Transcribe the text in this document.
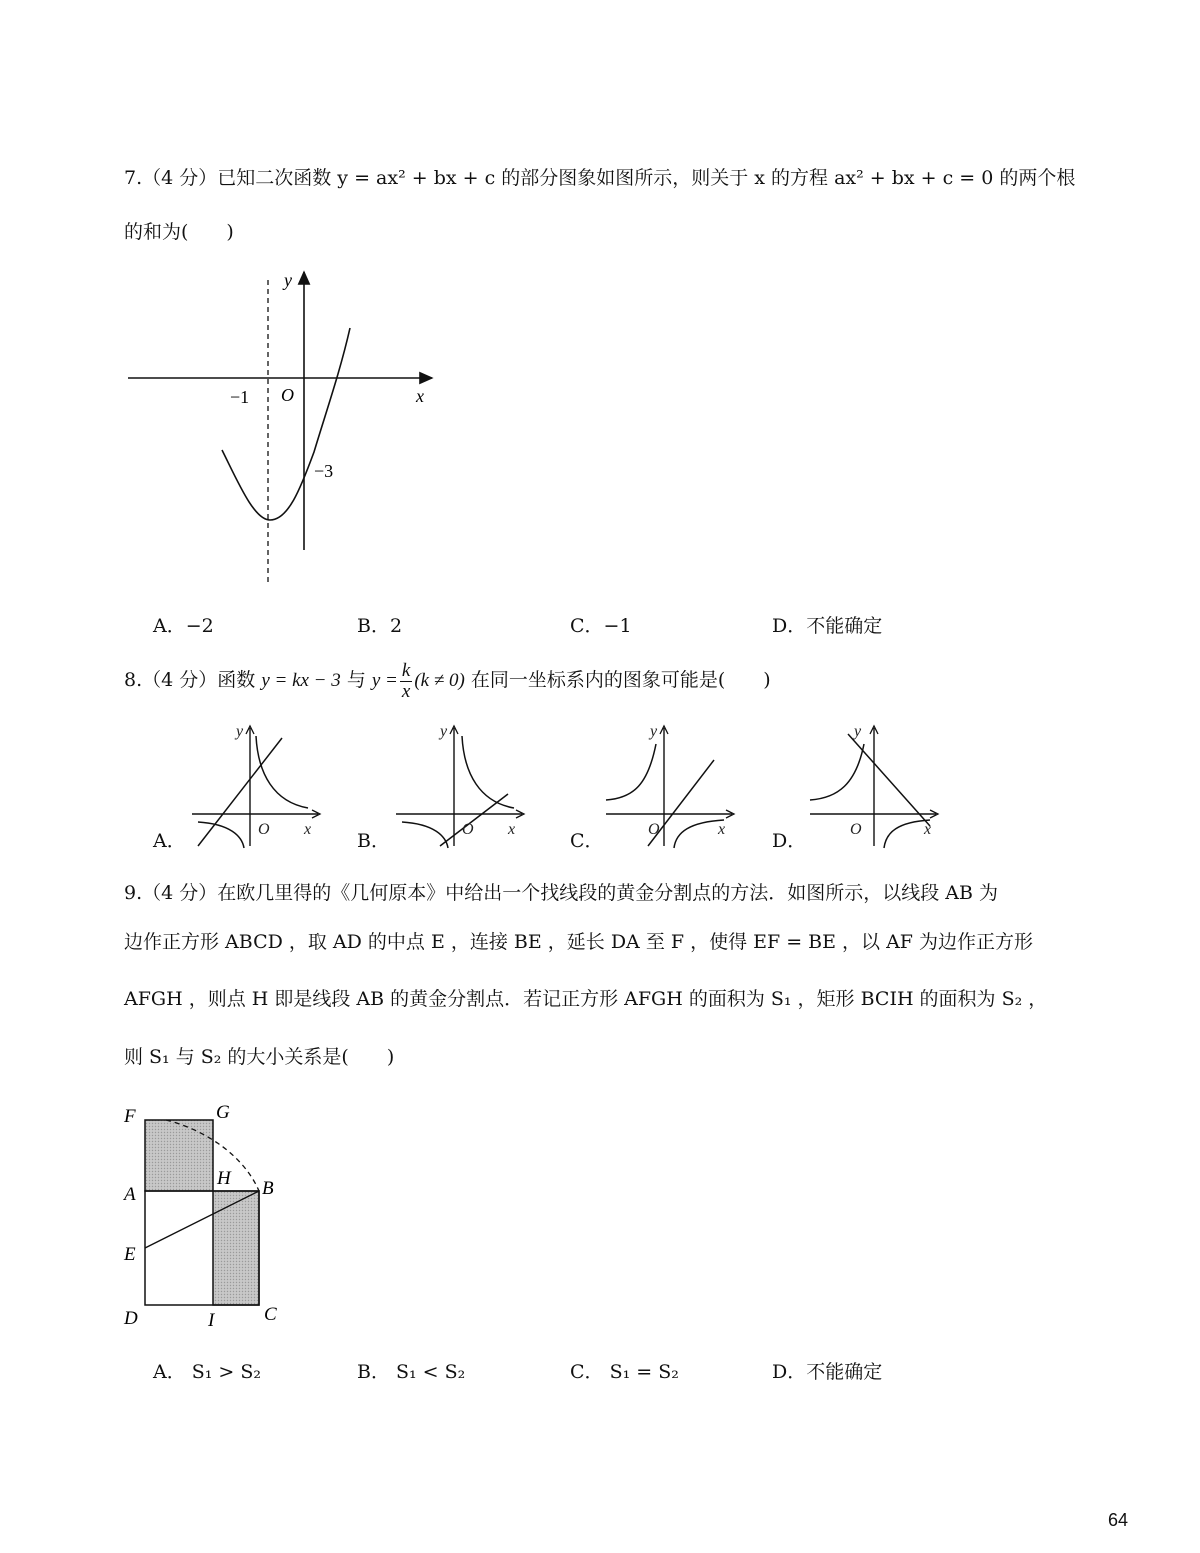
7.（4 分）已知二次函数 y = ax² + bx + c 的部分图象如图所示，则关于 x 的方程 ax² + bx + c = 0 的两个根
的和为(　　)
y
x
O
−1
−3
A．−2	B．2	C．−1	D．不能确定
8.（4 分）函数 y = kx − 3 与 $y = \frac{k}{x} (k \ne 0)$ 在同一坐标系内的图象可能是(　　)
y
x
O
y
x
O
y
x
O
y
x
O
A．	B．	C．	D．
9.（4 分）在欧几里得的《几何原本》中给出一个找线段的黄金分割点的方法．如图所示，以线段 AB 为
边作正方形 ABCD ，取 AD 的中点 E ，连接 BE ，延长 DA 至 F ，使得 EF = BE ，以 AF 为边作正方形
AFGH ，则点 H 即是线段 AB 的黄金分割点．若记正方形 AFGH 的面积为 S₁ ，矩形 BCIH 的面积为 S₂ ，
则 S₁ 与 S₂ 的大小关系是(　　)
F	G
H
A	B
E
D	I	C
A． S₁ > S₂	B． S₁ < S₂	C． S₁ = S₂	D．不能确定
64
